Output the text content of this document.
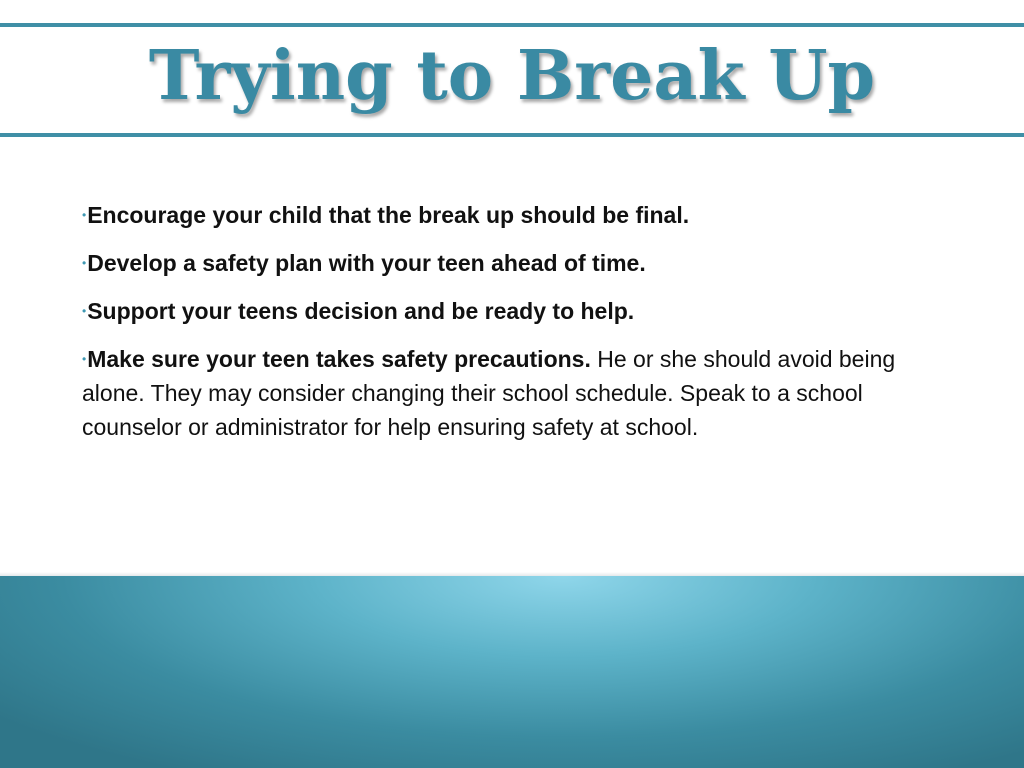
Trying to Break Up

•Encourage your child that the break up should be final.

•Develop a safety plan with your teen ahead of time.

•Support your teens decision and be ready to help.

•Make sure your teen takes safety precautions. He or she should avoid being alone. They may consider changing their school schedule. Speak to a school counselor or administrator for help ensuring safety at school.
